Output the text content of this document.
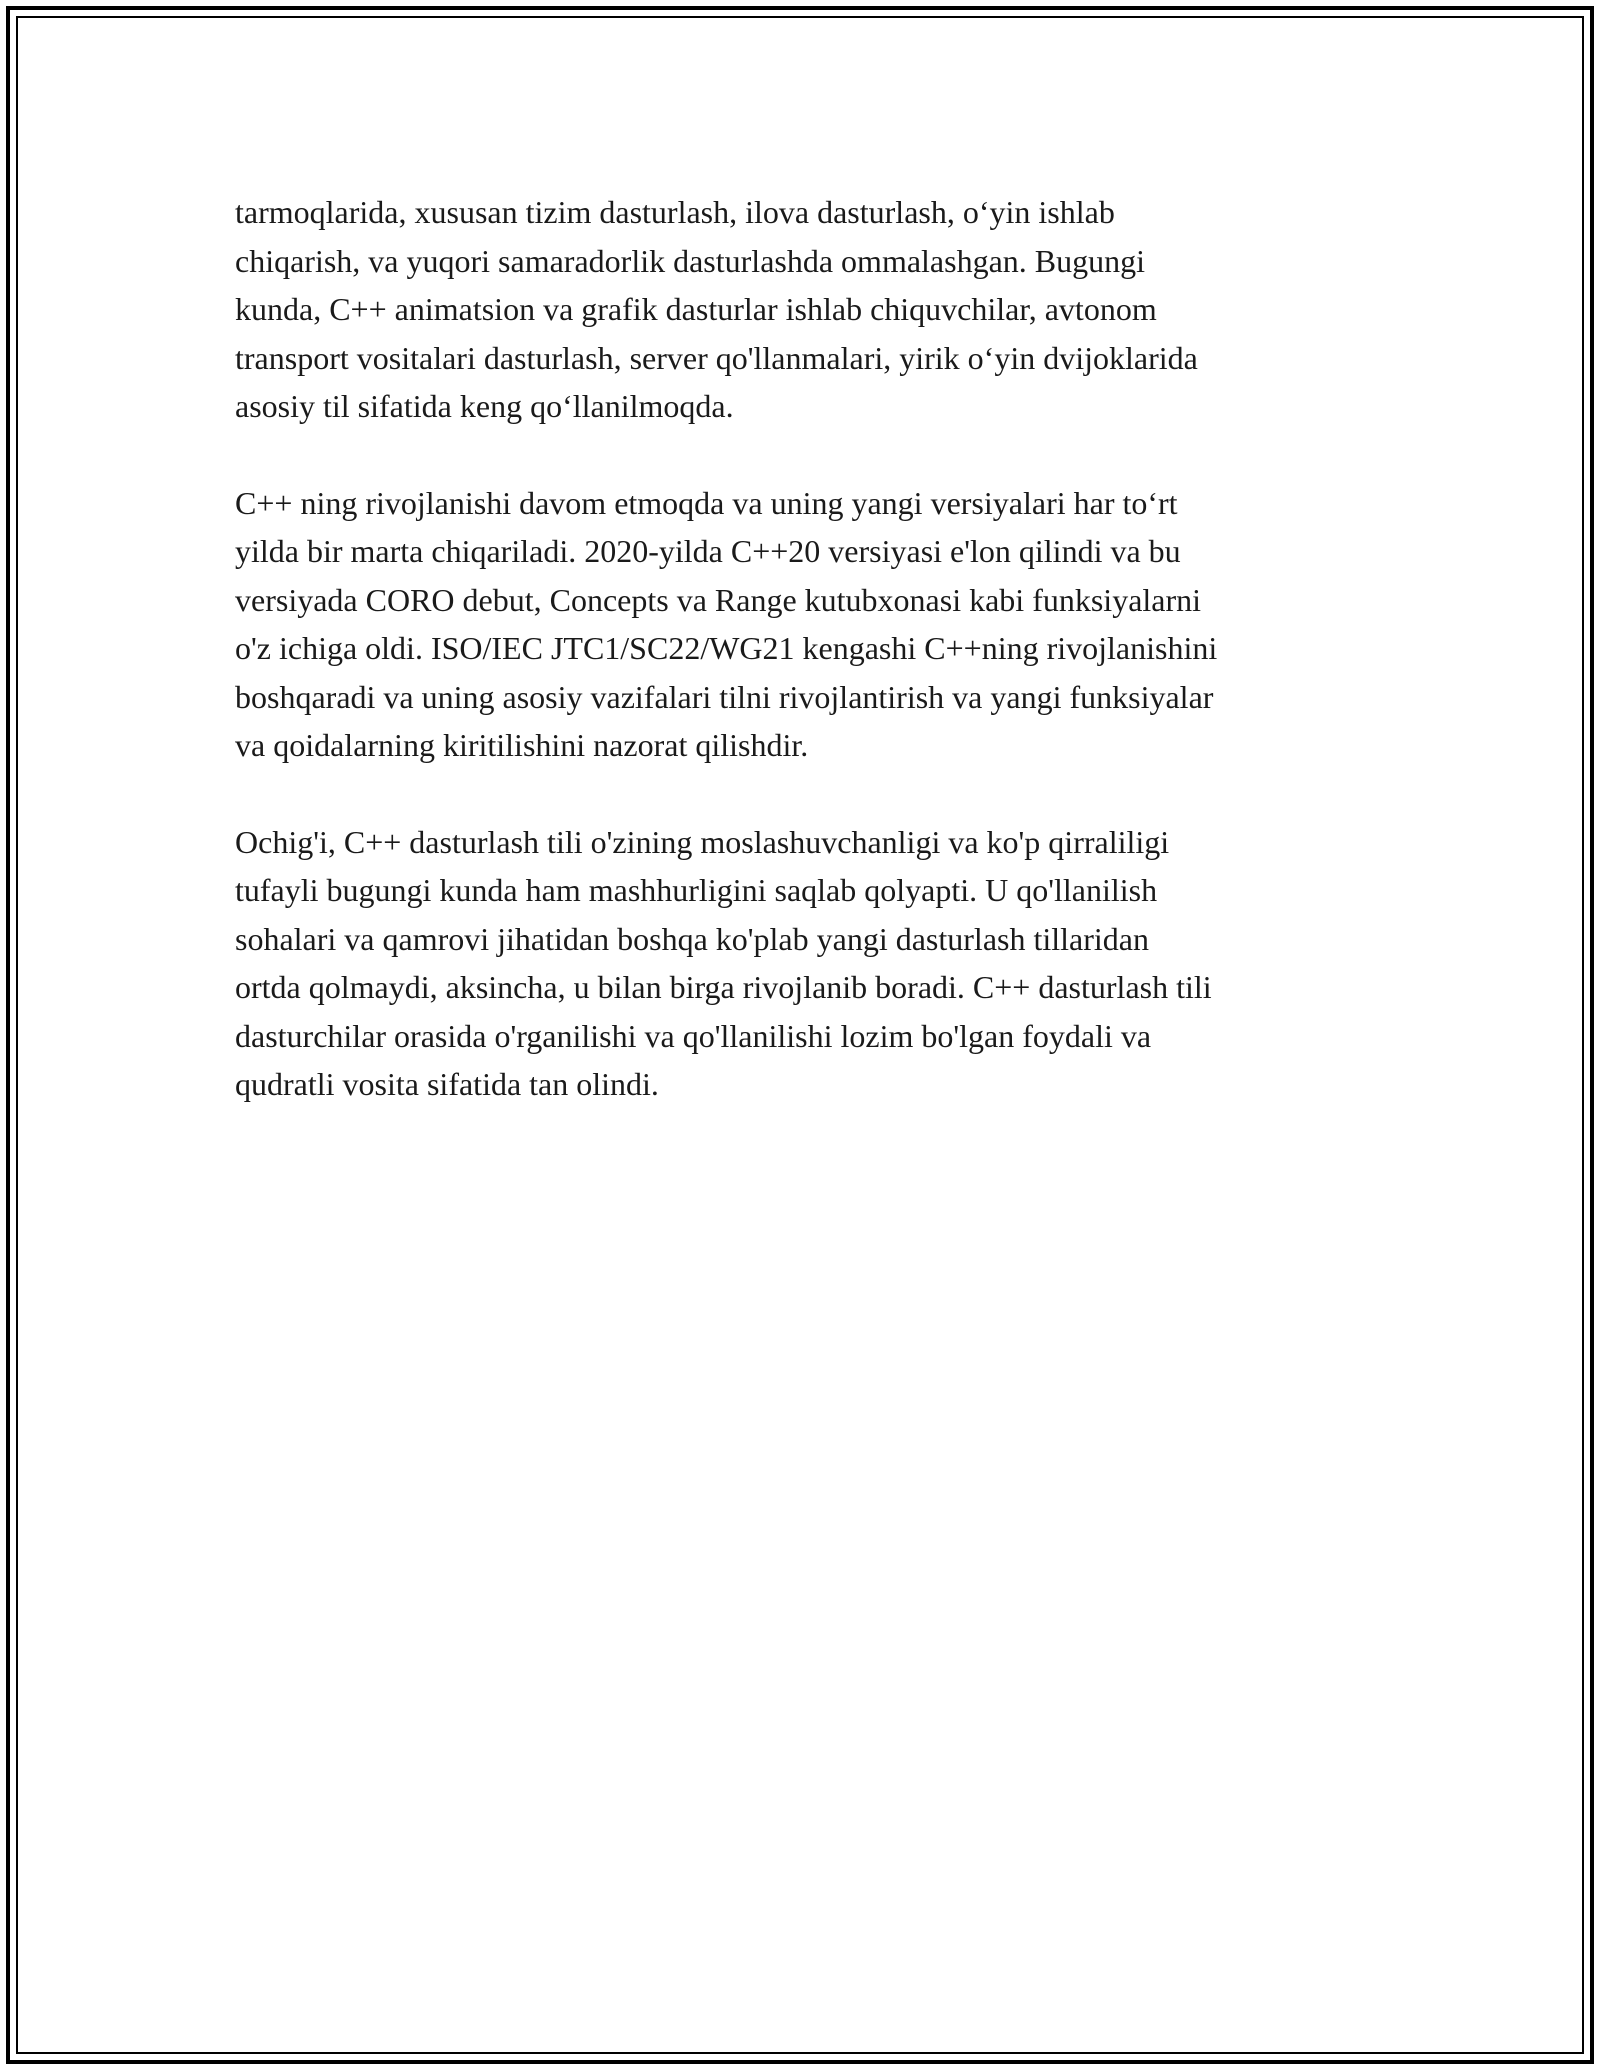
tarmoqlarida, xususan tizim dasturlash, ilova dasturlash, o‘yin ishlab
chiqarish, va yuqori samaradorlik dasturlashda ommalashgan. Bugungi
kunda, C++ animatsion va grafik dasturlar ishlab chiquvchilar, avtonom
transport vositalari dasturlash, server qo'llanmalari, yirik o‘yin dvijoklarida
asosiy til sifatida keng qo‘llanilmoqda.

C++ ning rivojlanishi davom etmoqda va uning yangi versiyalari har to‘rt
yilda bir marta chiqariladi. 2020-yilda C++20 versiyasi e'lon qilindi va bu
versiyada CORO debut, Concepts va Range kutubxonasi kabi funksiyalarni
o'z ichiga oldi. ISO/IEC JTC1/SC22/WG21 kengashi C++ning rivojlanishini
boshqaradi va uning asosiy vazifalari tilni rivojlantirish va yangi funksiyalar
va qoidalarning kiritilishini nazorat qilishdir.

Ochig'i, C++ dasturlash tili o'zining moslashuvchanligi va ko'p qirraliligi
tufayli bugungi kunda ham mashhurligini saqlab qolyapti. U qo'llanilish
sohalari va qamrovi jihatidan boshqa ko'plab yangi dasturlash tillaridan
ortda qolmaydi, aksincha, u bilan birga rivojlanib boradi. C++ dasturlash tili
dasturchilar orasida o'rganilishi va qo'llanilishi lozim bo'lgan foydali va
qudratli vosita sifatida tan olindi.
